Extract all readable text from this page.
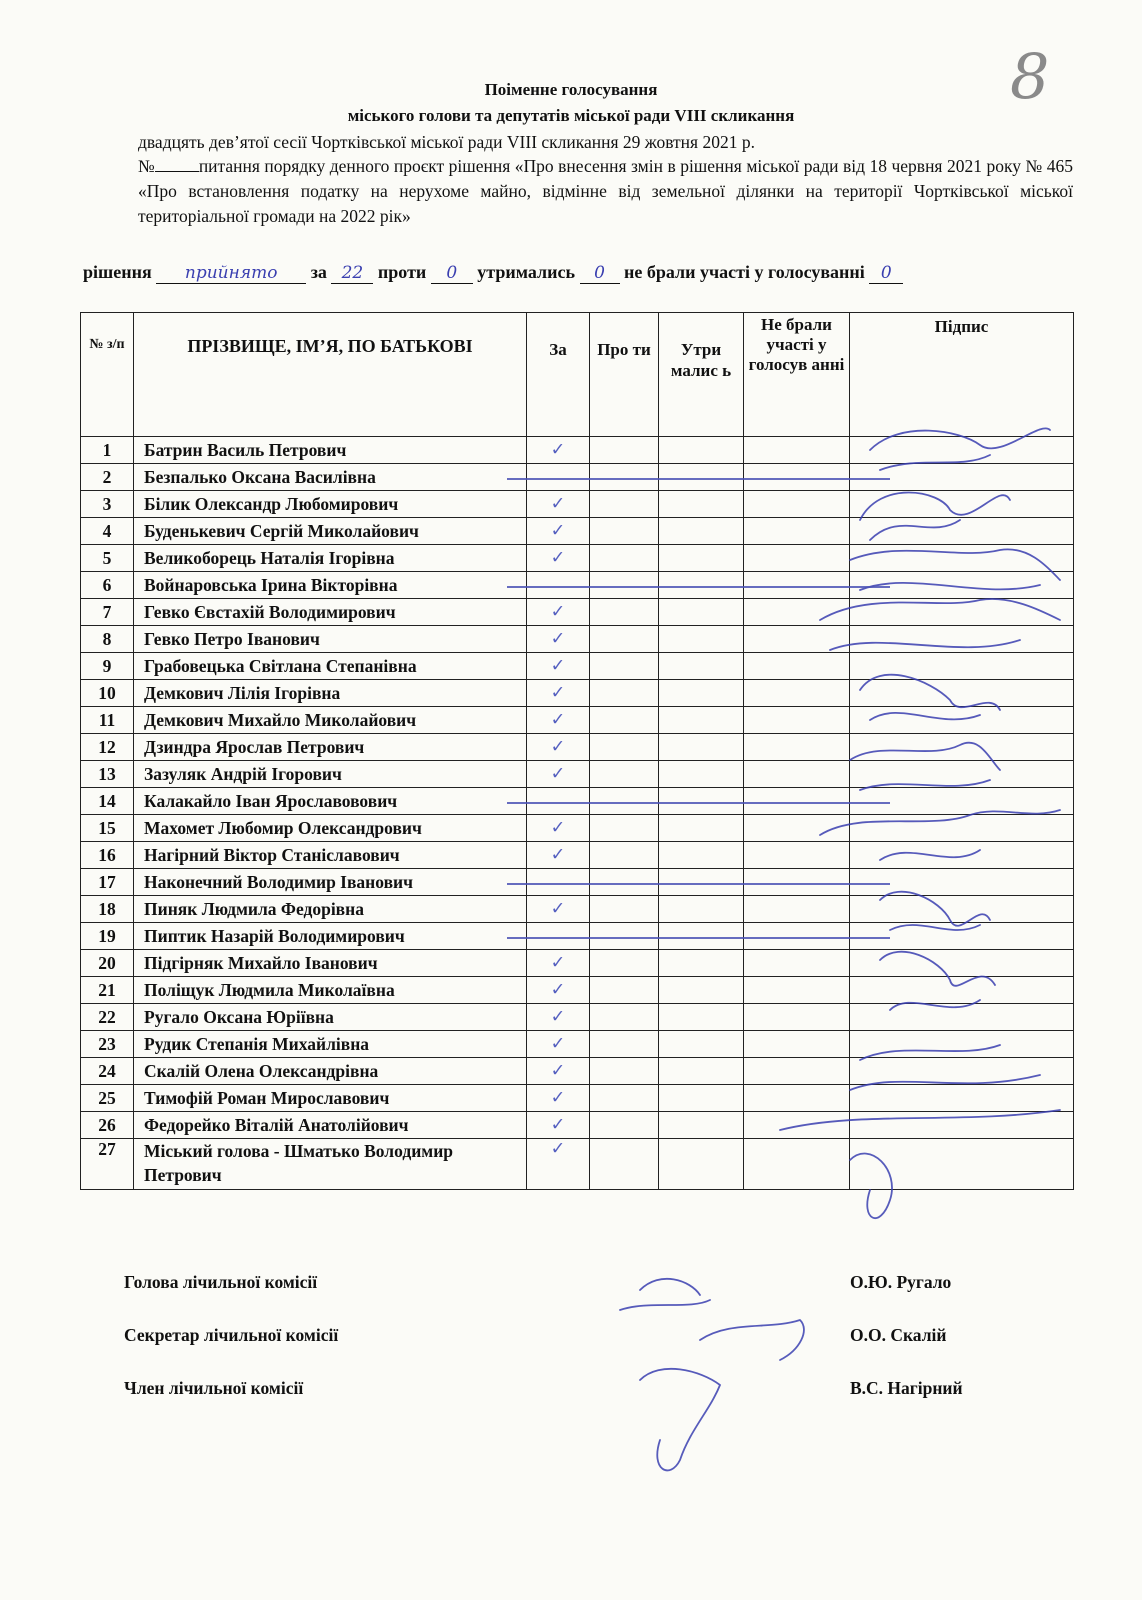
8
Поіменне голосування
міського голови та депутатів міської ради VIII скликання
двадцять дев’ятої сесії Чортківської міської ради VIII скликання 29 жовтня 2021 р.
№	питання порядку денного проєкт рішення «Про внесення змін в рішення міської ради від 18 червня 2021 року № 465 «Про встановлення податку на нерухоме майно, відмінне від земельної ділянки на території Чортківської міської територіальної громади на 2022 рік»
рішення прийнято за 22 проти 0 утримались 0 не брали участі у голосуванні 0
№ з/п	ПРІЗВИЩЕ, ІМ’Я, ПО БАТЬКОВІ	За	Про ти	Утри малис ь	Не брали участі у голосув анні	Підпис
1	Батрин Василь Петрович	✓				
2	Безпалько Оксана Василівна					
3	Білик Олександр Любомирович	✓				
4	Буденькевич Сергій Миколайович	✓				
5	Великоборець Наталія Ігорівна	✓				
6	Войнаровська Ірина Вікторівна					
7	Гевко Євстахій Володимирович	✓				
8	Гевко Петро Іванович	✓				
9	Грабовецька Світлана Степанівна	✓				
10	Демкович Лілія Ігорівна	✓				
11	Демкович Михайло Миколайович	✓				
12	Дзиндра Ярослав Петрович	✓				
13	Зазуляк Андрій Ігорович	✓				
14	Калакайло Іван Ярославовович					
15	Махомет Любомир Олександрович	✓				
16	Нагірний Віктор Станіславович	✓				
17	Наконечний Володимир Іванович					
18	Пиняк Людмила Федорівна	✓				
19	Пиптик Назарій Володимирович					
20	Підгірняк Михайло Іванович	✓				
21	Поліщук Людмила Миколаївна	✓				
22	Ругало Оксана Юріївна	✓				
23	Рудик Степанія Михайлівна	✓				
24	Скалій Олена Олександрівна	✓				
25	Тимофій Роман Мирославович	✓				
26	Федорейко Віталій Анатолійович	✓				
27	Міський голова - Шматько Володимир Петрович	✓				
Голова лічильної комісії	О.Ю. Ругало
Секретар лічильної комісії	О.О. Скалій
Член лічильної комісії	В.С. Нагірний
